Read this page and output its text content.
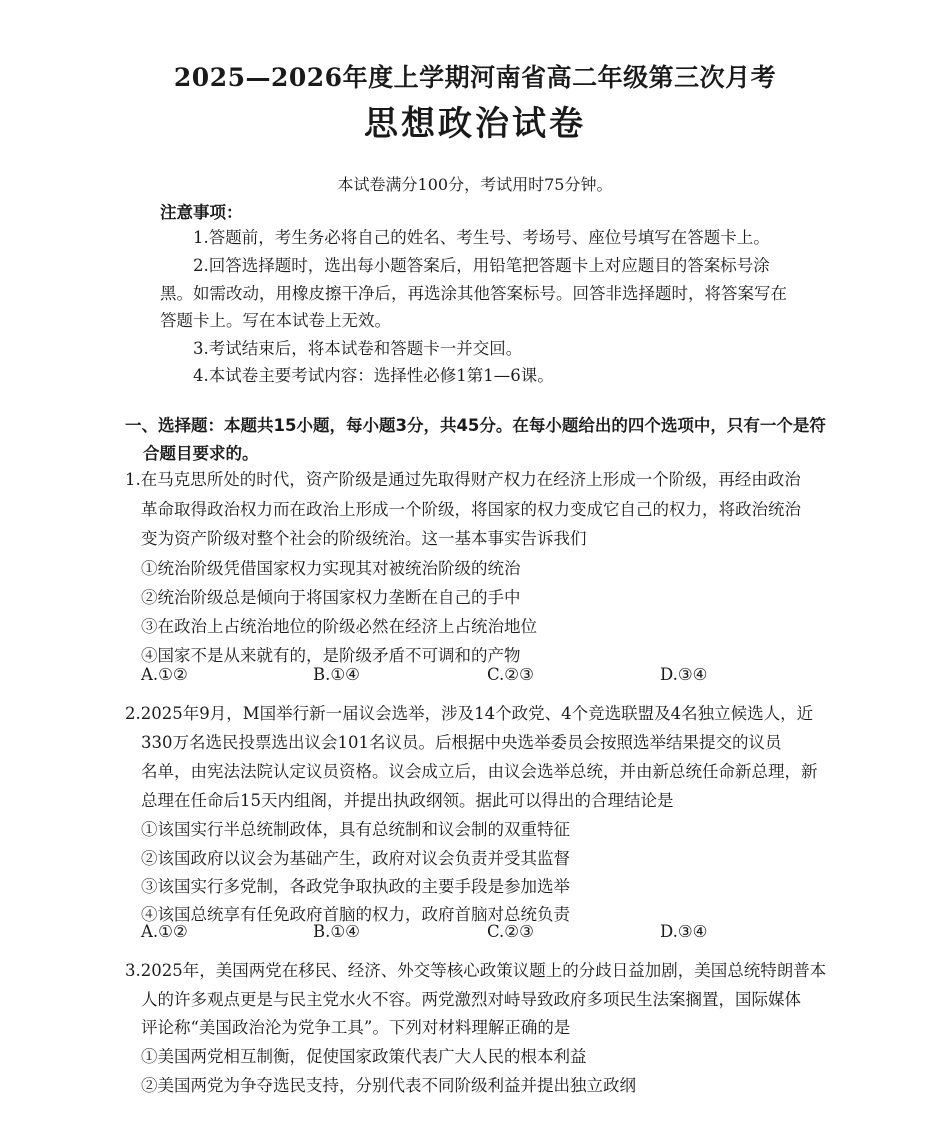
2025—2026年度上学期河南省高二年级第三次月考
思想政治试卷
本试卷满分100分，考试用时75分钟。
注意事项：
1.答题前，考生务必将自己的姓名、考生号、考场号、座位号填写在答题卡上。
2.回答选择题时，选出每小题答案后，用铅笔把答题卡上对应题目的答案标号涂
黑。如需改动，用橡皮擦干净后，再选涂其他答案标号。回答非选择题时，将答案写在
答题卡上。写在本试卷上无效。
3.考试结束后，将本试卷和答题卡一并交回。
4.本试卷主要考试内容：选择性必修1第1—6课。
一、选择题：本题共15小题，每小题3分，共45分。在每小题给出的四个选项中，只有一个是符
合题目要求的。
1.在马克思所处的时代，资产阶级是通过先取得财产权力在经济上形成一个阶级，再经由政治
革命取得政治权力而在政治上形成一个阶级，将国家的权力变成它自己的权力，将政治统治
变为资产阶级对整个社会的阶级统治。这一基本事实告诉我们
①统治阶级凭借国家权力实现其对被统治阶级的统治
②统治阶级总是倾向于将国家权力垄断在自己的手中
③在政治上占统治地位的阶级必然在经济上占统治地位
④国家不是从来就有的，是阶级矛盾不可调和的产物
A.①②	B.①④	C.②③	D.③④
2.2025年9月，M国举行新一届议会选举，涉及14个政党、4个竞选联盟及4名独立候选人，近
330万名选民投票选出议会101名议员。后根据中央选举委员会按照选举结果提交的议员
名单，由宪法法院认定议员资格。议会成立后，由议会选举总统，并由新总统任命新总理，新
总理在任命后15天内组阁，并提出执政纲领。据此可以得出的合理结论是
①该国实行半总统制政体，具有总统制和议会制的双重特征
②该国政府以议会为基础产生，政府对议会负责并受其监督
③该国实行多党制，各政党争取执政的主要手段是参加选举
④该国总统享有任免政府首脑的权力，政府首脑对总统负责
A.①②	B.①④	C.②③	D.③④
3.2025年，美国两党在移民、经济、外交等核心政策议题上的分歧日益加剧，美国总统特朗普本
人的许多观点更是与民主党水火不容。两党激烈对峙导致政府多项民生法案搁置，国际媒体
评论称“美国政治沦为党争工具”。下列对材料理解正确的是
①美国两党相互制衡，促使国家政策代表广大人民的根本利益
②美国两党为争夺选民支持，分别代表不同阶级利益并提出独立政纲
